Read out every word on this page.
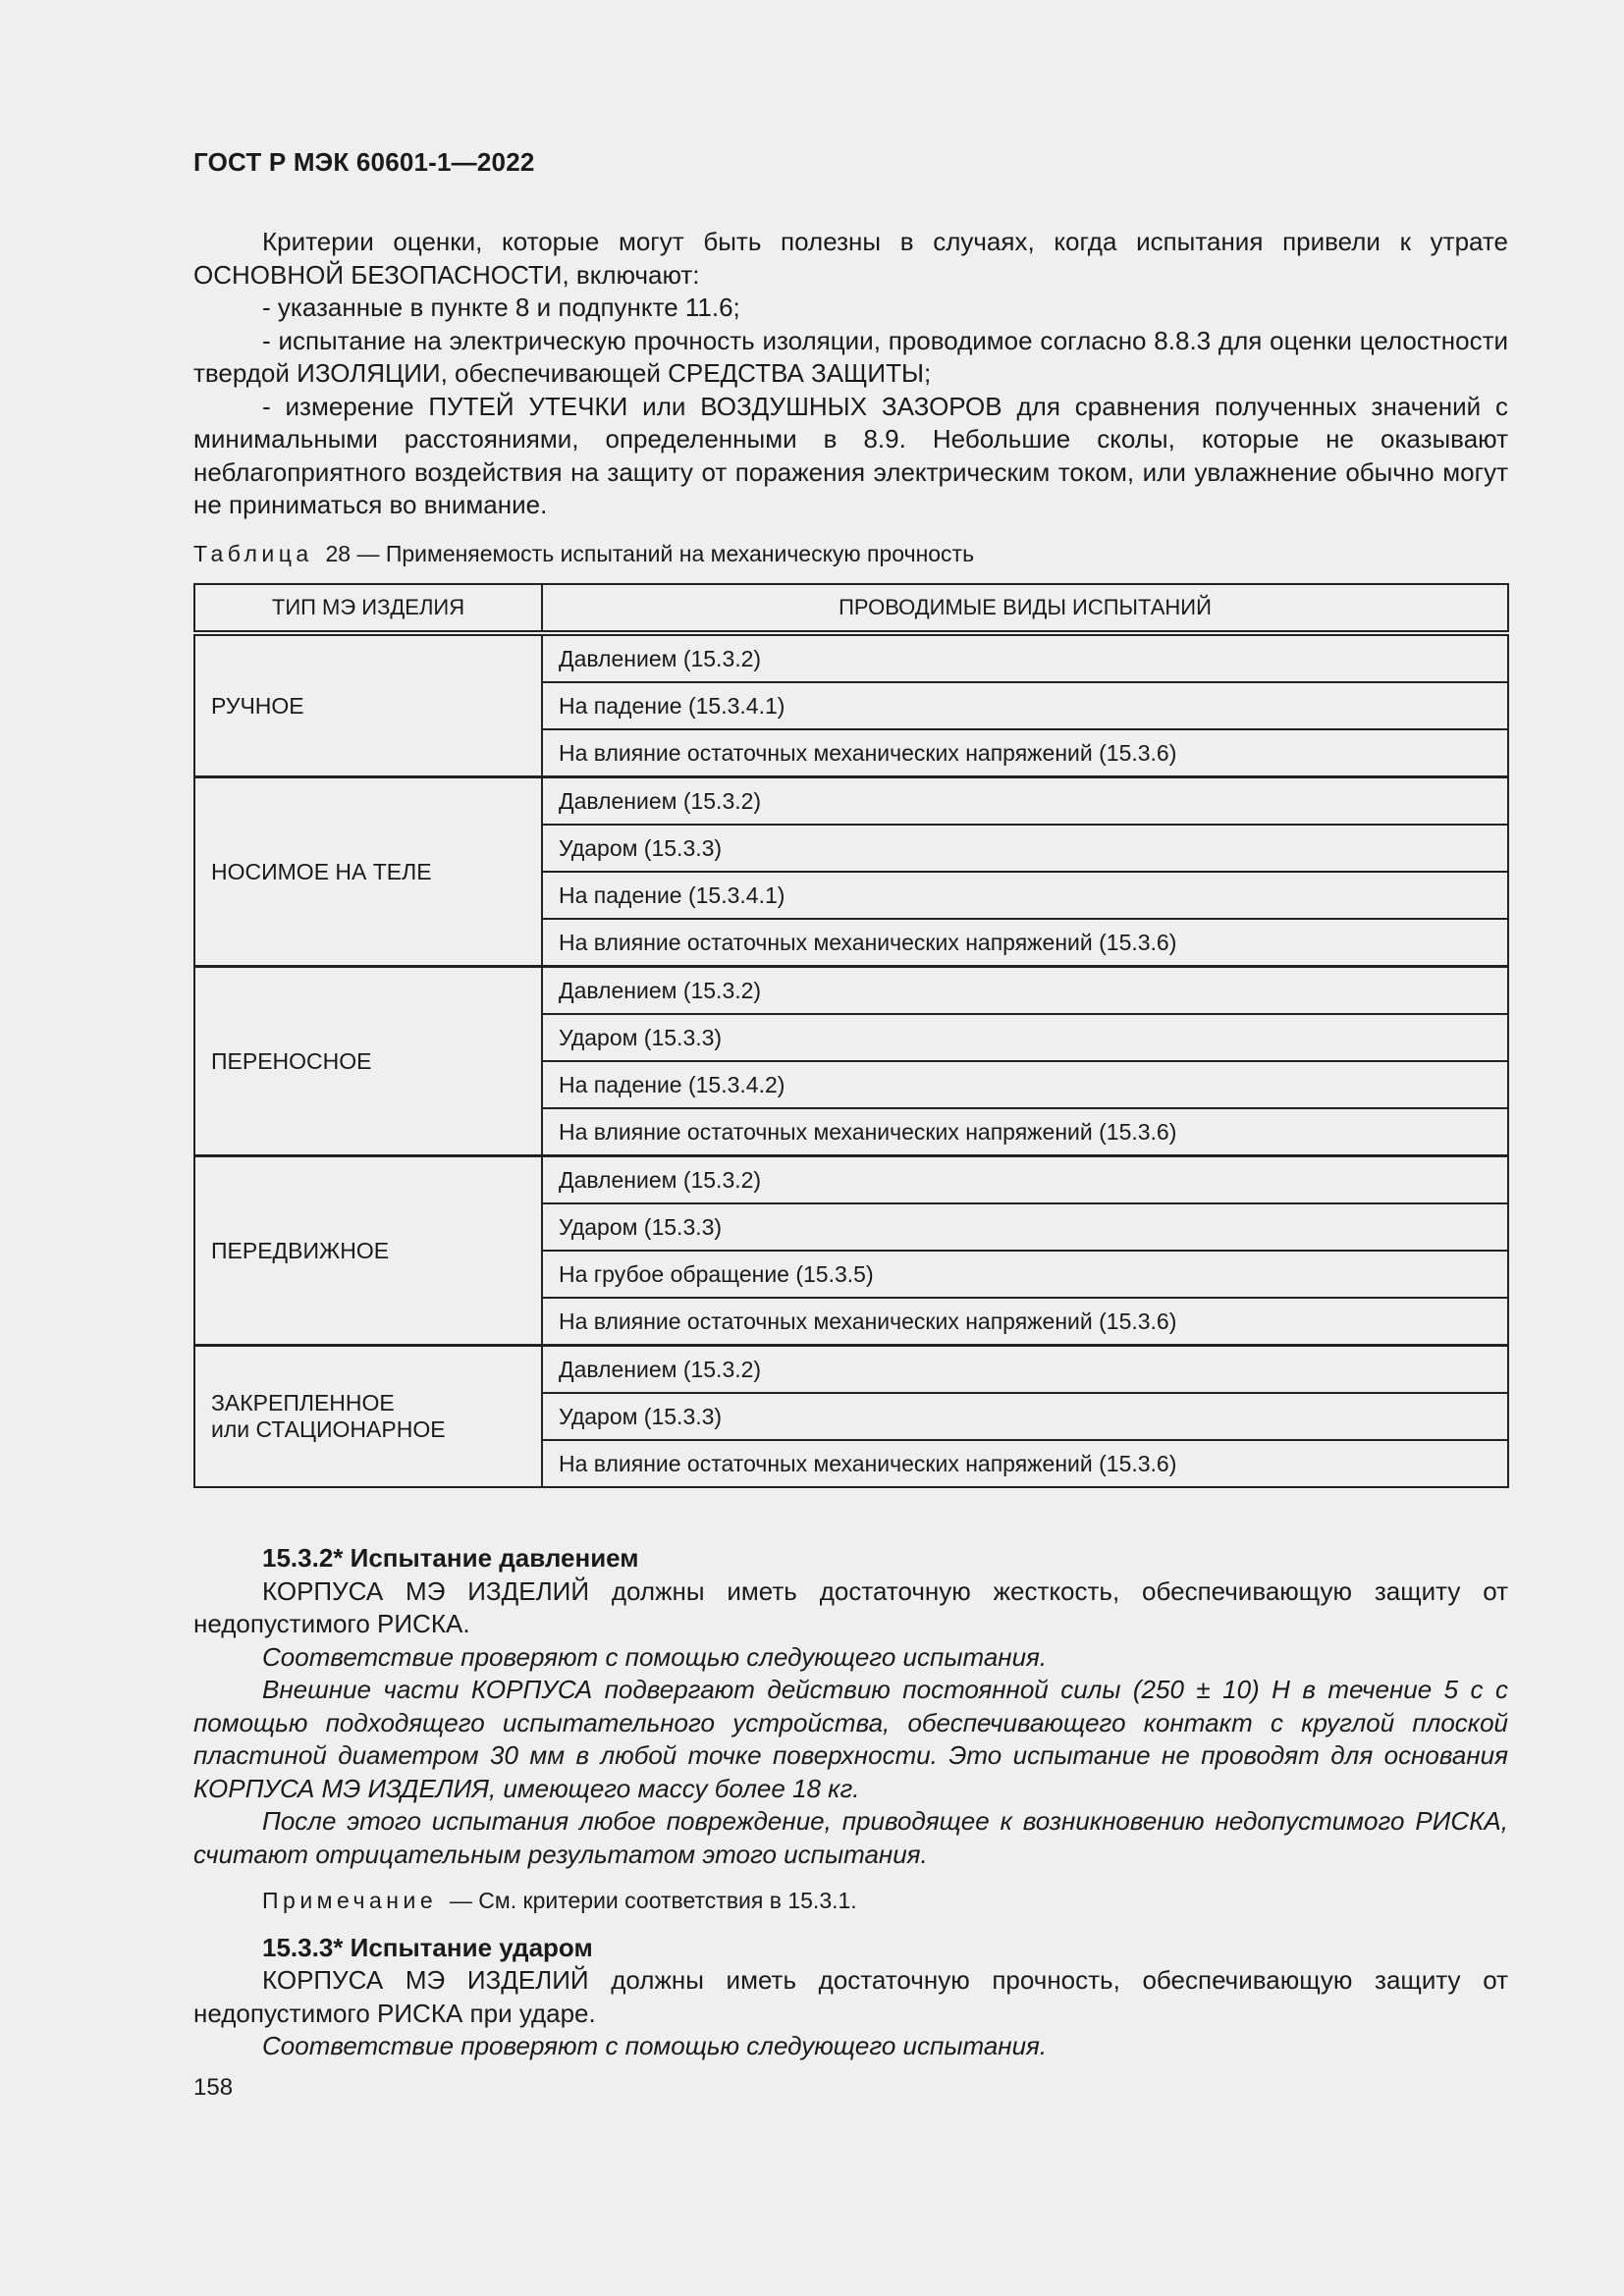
ГОСТ Р МЭК 60601-1—2022

Критерии оценки, которые могут быть полезны в случаях, когда испытания привели к утрате ОСНОВНОЙ БЕЗОПАСНОСТИ, включают:

- указанные в пункте 8 и подпункте 11.6;

- испытание на электрическую прочность изоляции, проводимое согласно 8.8.3 для оценки целостности твердой ИЗОЛЯЦИИ, обеспечивающей СРЕДСТВА ЗАЩИТЫ;

- измерение ПУТЕЙ УТЕЧКИ или ВОЗДУШНЫХ ЗАЗОРОВ для сравнения полученных значений с минимальными расстояниями, определенными в 8.9. Небольшие сколы, которые не оказывают неблагоприятного воздействия на защиту от поражения электрическим током, или увлажнение обычно могут не приниматься во внимание.

Таблица 28 — Применяемость испытаний на механическую прочность
ТИП МЭ ИЗДЕЛИЯ	ПРОВОДИМЫЕ ВИДЫ ИСПЫТАНИЙ
РУЧНОЕ	Давлением (15.3.2)
	На падение (15.3.4.1)
	На влияние остаточных механических напряжений (15.3.6)
НОСИМОЕ НА ТЕЛЕ	Давлением (15.3.2)
	Ударом (15.3.3)
	На падение (15.3.4.1)
	На влияние остаточных механических напряжений (15.3.6)
ПЕРЕНОСНОЕ	Давлением (15.3.2)
	Ударом (15.3.3)
	На падение (15.3.4.2)
	На влияние остаточных механических напряжений (15.3.6)
ПЕРЕДВИЖНОЕ	Давлением (15.3.2)
	Ударом (15.3.3)
	На грубое обращение (15.3.5)
	На влияние остаточных механических напряжений (15.3.6)
ЗАКРЕПЛЕННОЕ
или СТАЦИОНАРНОЕ	Давлением (15.3.2)
	Ударом (15.3.3)
	На влияние остаточных механических напряжений (15.3.6)

15.3.2* Испытание давлением

КОРПУСА МЭ ИЗДЕЛИЙ должны иметь достаточную жесткость, обеспечивающую защиту от недопустимого РИСКА.

Соответствие проверяют с помощью следующего испытания.

Внешние части КОРПУСА подвергают действию постоянной силы (250 ± 10) Н в течение 5 с с помощью подходящего испытательного устройства, обеспечивающего контакт с круглой плоской пластиной диаметром 30 мм в любой точке поверхности. Это испытание не проводят для основания КОРПУСА МЭ ИЗДЕЛИЯ, имеющего массу более 18 кг.

После этого испытания любое повреждение, приводящее к возникновению недопустимого РИСКА, считают отрицательным результатом этого испытания.

Примечание — См. критерии соответствия в 15.3.1.

15.3.3* Испытание ударом

КОРПУСА МЭ ИЗДЕЛИЙ должны иметь достаточную прочность, обеспечивающую защиту от недопустимого РИСКА при ударе.

Соответствие проверяют с помощью следующего испытания.

158
